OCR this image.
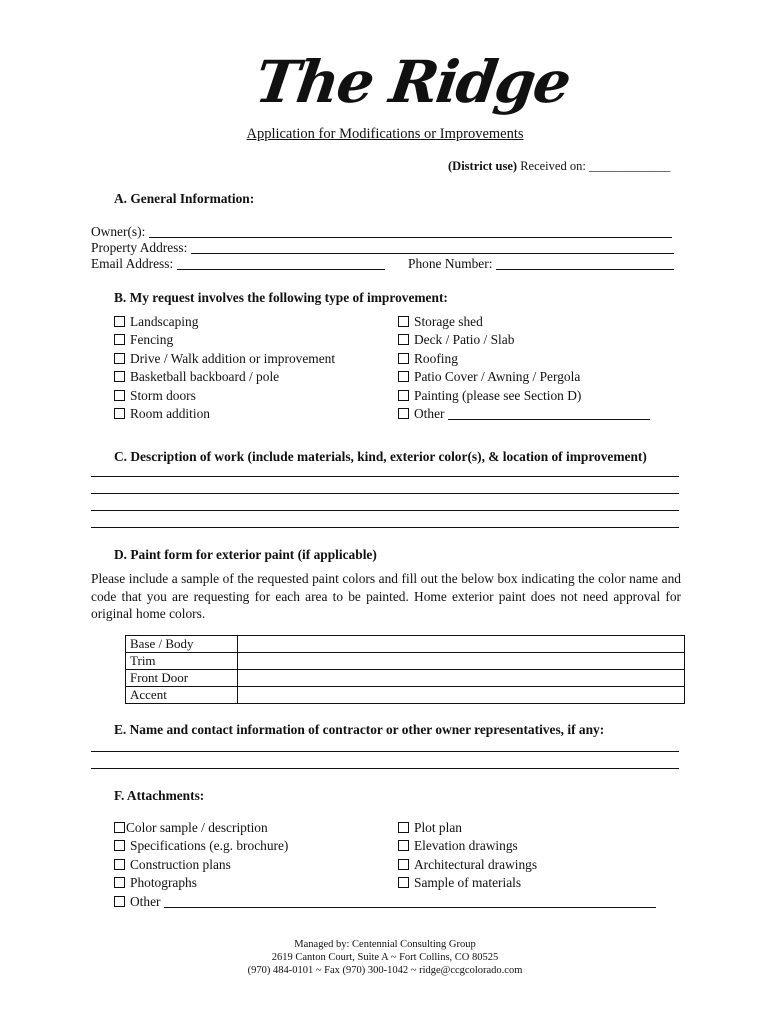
The Ridge
Application for Modifications or Improvements
(District use) Received on: _____________
A. General Information:
Owner(s):
Property Address:
Email Address:	Phone Number:
B. My request involves the following type of improvement:
Landscaping
Fencing
Drive / Walk addition or improvement
Basketball backboard / pole
Storm doors
Room addition
Storage shed
Deck / Patio / Slab
Roofing
Patio Cover / Awning / Pergola
Painting (please see Section D)
Other
C. Description of work (include materials, kind, exterior color(s), & location of improvement)
D. Paint form for exterior paint (if applicable)
Please include a sample of the requested paint colors and fill out the below box indicating the color name and code that you are requesting for each area to be painted. Home exterior paint does not need approval for original home colors.
Base / Body	
Trim	
Front Door	
Accent	
E. Name and contact information of contractor or other owner representatives, if any:
F. Attachments:
Color sample / description
Specifications (e.g. brochure)
Construction plans
Photographs
Other
Plot plan
Elevation drawings
Architectural drawings
Sample of materials
Managed by: Centennial Consulting Group
2619 Canton Court, Suite A ~ Fort Collins, CO 80525
(970) 484-0101 ~ Fax (970) 300-1042 ~ ridge@ccgcolorado.com
